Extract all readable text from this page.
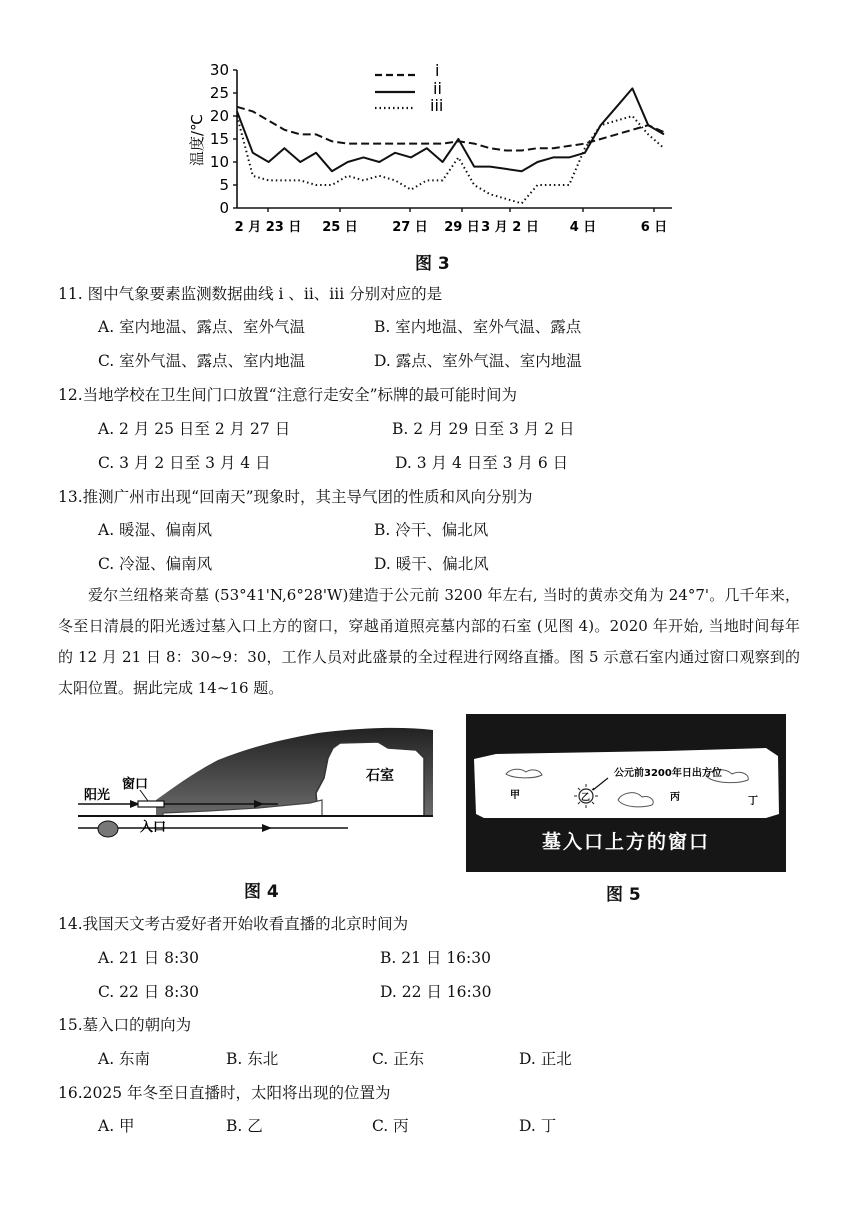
0
5
10
15
20
25
30
2 月 23 日 25 日	27 日 29 日 3 月 2 日 4 日	6 日
温度/℃
i
ii
iii
图 3
11. 图中气象要素监测数据曲线 i 、ii、iii 分别对应的是
A. 室内地温、露点、室外气温	B. 室内地温、室外气温、露点
C. 室外气温、露点、室内地温	D. 露点、室外气温、室内地温
12.当地学校在卫生间门口放置“注意行走安全”标牌的最可能时间为
A. 2 月 25 日至 2 月 27 日	B. 2 月 29 日至 3 月 2 日
C. 3 月 2 日至 3 月 4 日	D. 3 月 4 日至 3 月 6 日
13.推测广州市出现“回南天”现象时，其主导气团的性质和风向分别为
A. 暖湿、偏南风	B. 冷干、偏北风
C. 冷湿、偏南风	D. 暖干、偏北风

爱尔兰纽格莱奇墓 (53°41'N,6°28'W)建造于公元前 3200 年左右, 当时的黄赤交角为 24°7'。几千年来，冬至日清晨的阳光透过墓入口上方的窗口，穿越甬道照亮墓内部的石室 (见图 4)。2020 年开始, 当地时间每年的 12 月 21 日 8：30~9：30，工作人员对此盛景的全过程进行网络直播。图 5 示意石室内通过窗口观察到的太阳位置。据此完成 14~16 题。

窗口
阳光
入口
石室
图 4
乙
公元前3200年日出方位
甲	丙	丁
墓入口上方的窗口
图 5
14.我国天文考古爱好者开始收看直播的北京时间为
A. 21 日 8:30	B. 21 日 16:30
C. 22 日 8:30	D. 22 日 16:30
15.墓入口的朝向为
A. 东南	B. 东北	C. 正东	D. 正北
16.2025 年冬至日直播时，太阳将出现的位置为
A. 甲	B. 乙	C. 丙	D. 丁
